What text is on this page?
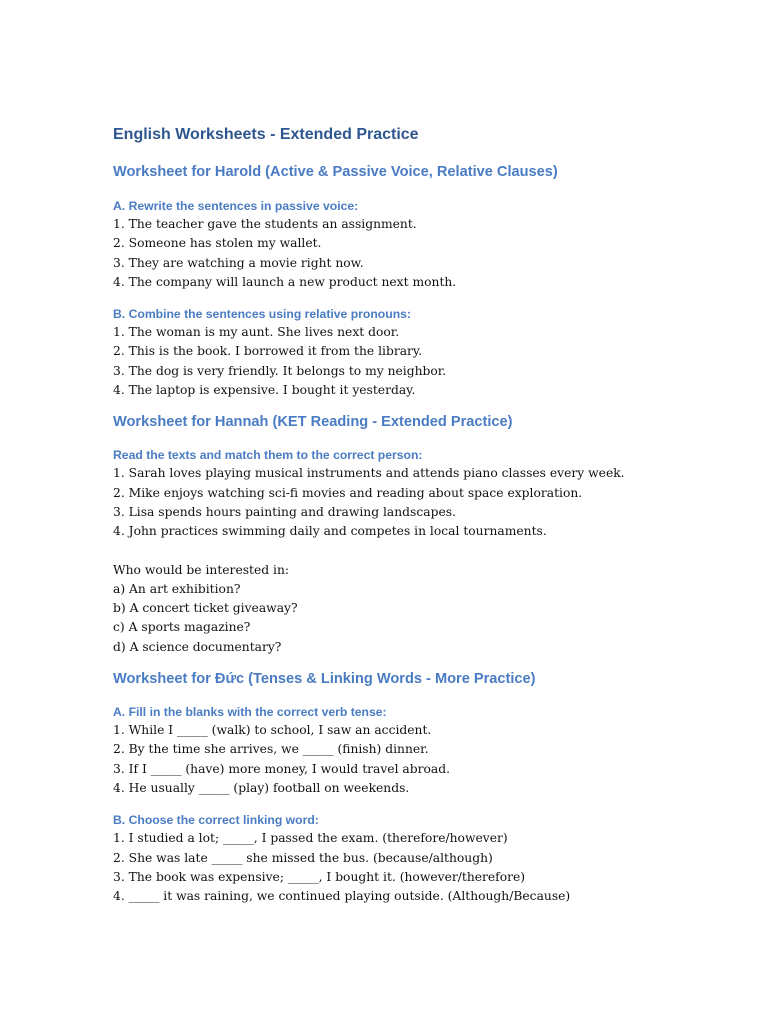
English Worksheets - Extended Practice
Worksheet for Harold (Active & Passive Voice, Relative Clauses)
A. Rewrite the sentences in passive voice:
1. The teacher gave the students an assignment.
2. Someone has stolen my wallet.
3. They are watching a movie right now.
4. The company will launch a new product next month.
B. Combine the sentences using relative pronouns:
1. The woman is my aunt. She lives next door.
2. This is the book. I borrowed it from the library.
3. The dog is very friendly. It belongs to my neighbor.
4. The laptop is expensive. I bought it yesterday.
Worksheet for Hannah (KET Reading - Extended Practice)
Read the texts and match them to the correct person:
1. Sarah loves playing musical instruments and attends piano classes every week.
2. Mike enjoys watching sci-fi movies and reading about space exploration.
3. Lisa spends hours painting and drawing landscapes.
4. John practices swimming daily and competes in local tournaments.

Who would be interested in:

a) An art exhibition?
b) A concert ticket giveaway?
c) A sports magazine?
d) A science documentary?
Worksheet for Đức (Tenses & Linking Words - More Practice)
A. Fill in the blanks with the correct verb tense:
1. While I _____ (walk) to school, I saw an accident.
2. By the time she arrives, we _____ (finish) dinner.
3. If I _____ (have) more money, I would travel abroad.
4. He usually _____ (play) football on weekends.
B. Choose the correct linking word:
1. I studied a lot; _____, I passed the exam. (therefore/however)
2. She was late _____ she missed the bus. (because/although)
3. The book was expensive; _____, I bought it. (however/therefore)
4. _____ it was raining, we continued playing outside. (Although/Because)
